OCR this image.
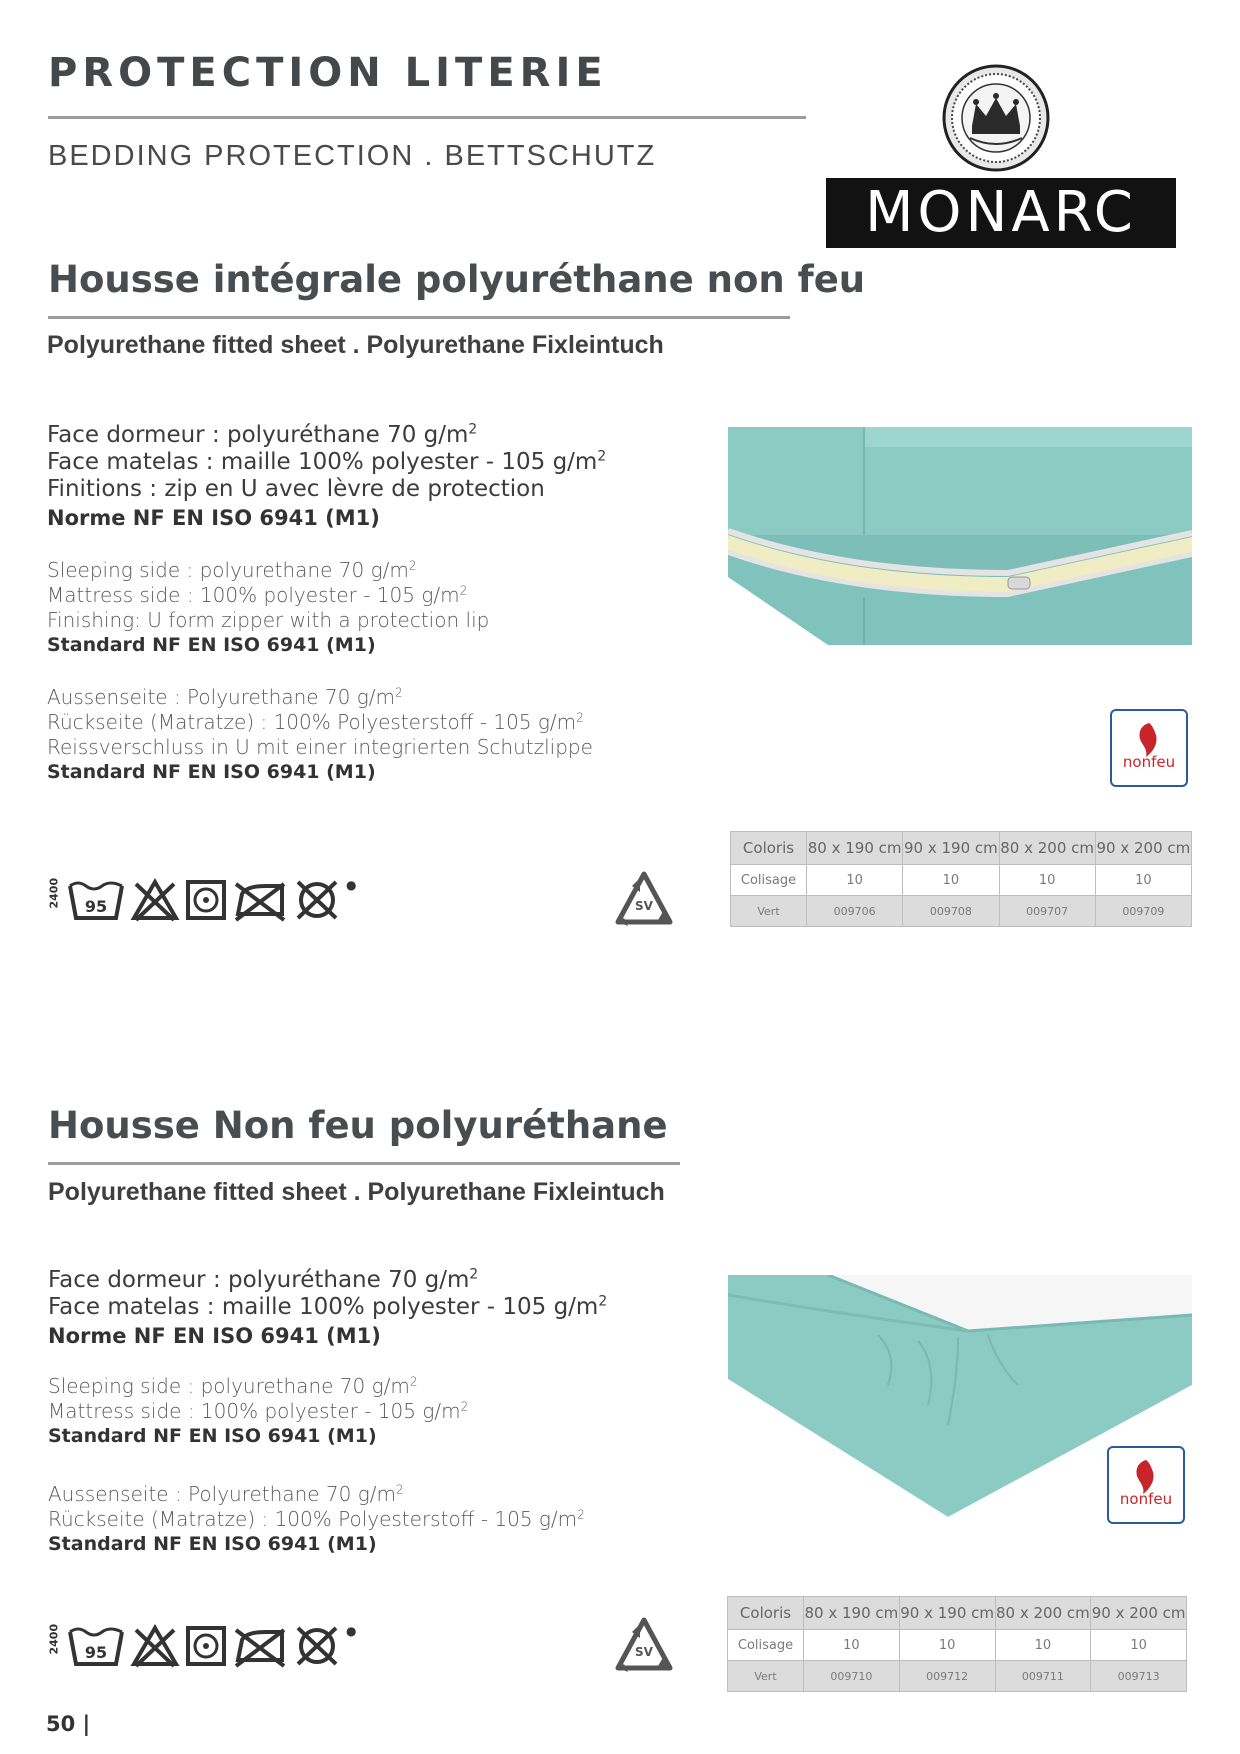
PROTECTION LITERIE
BEDDING PROTECTION . BETTSCHUTZ
MONARC
Housse intégrale polyuréthane non feu
Polyurethane fitted sheet . Polyurethane Fixleintuch
Face dormeur : polyuréthane 70 $g/m^2$
Face matelas : maille 100% polyester - 105 $g/m^2$
Finitions : zip en U avec lèvre de protection
Norme NF EN ISO 6941 (M1)
Sleeping side : polyurethane 70 $g/m^2$
Mattress side : 100% polyester - 105 $g/m^2$
Finishing: U form zipper with a protection lip
Standard NF EN ISO 6941 (M1)
Aussenseite : Polyurethane 70 $g/m^2$
Rückseite (Matratze) : 100% Polyesterstoff - 105 $g/m^2$
Reissverschluss in U mit einer integrierten Schutzlippe
Standard NF EN ISO 6941 (M1)	nonfeu
2400 95
●
SV
Coloris	80 x 190 cm	90 x 190 cm	80 x 200 cm	90 x 200 cm
Colisage	10	10	10	10
Vert	009706	009708	009707	009709
Housse Non feu polyuréthane
Polyurethane fitted sheet . Polyurethane Fixleintuch
Face dormeur : polyuréthane 70 $g/m^2$
Face matelas : maille 100% polyester - 105 $g/m^2$
Norme NF EN ISO 6941 (M1)
Sleeping side : polyurethane 70 $g/m^2$
Mattress side : 100% polyester - 105 $g/m^2$
Standard NF EN ISO 6941 (M1)
Aussenseite : Polyurethane 70 $g/m^2$
Rückseite (Matratze) : 100% Polyesterstoff - 105 $g/m^2$
Standard NF EN ISO 6941 (M1)
nonfeu
2400 95
●
SV
Coloris	80 x 190 cm	90 x 190 cm	80 x 200 cm	90 x 200 cm
Colisage	10	10	10	10
Vert	009710	009712	009711	009713
50 |
